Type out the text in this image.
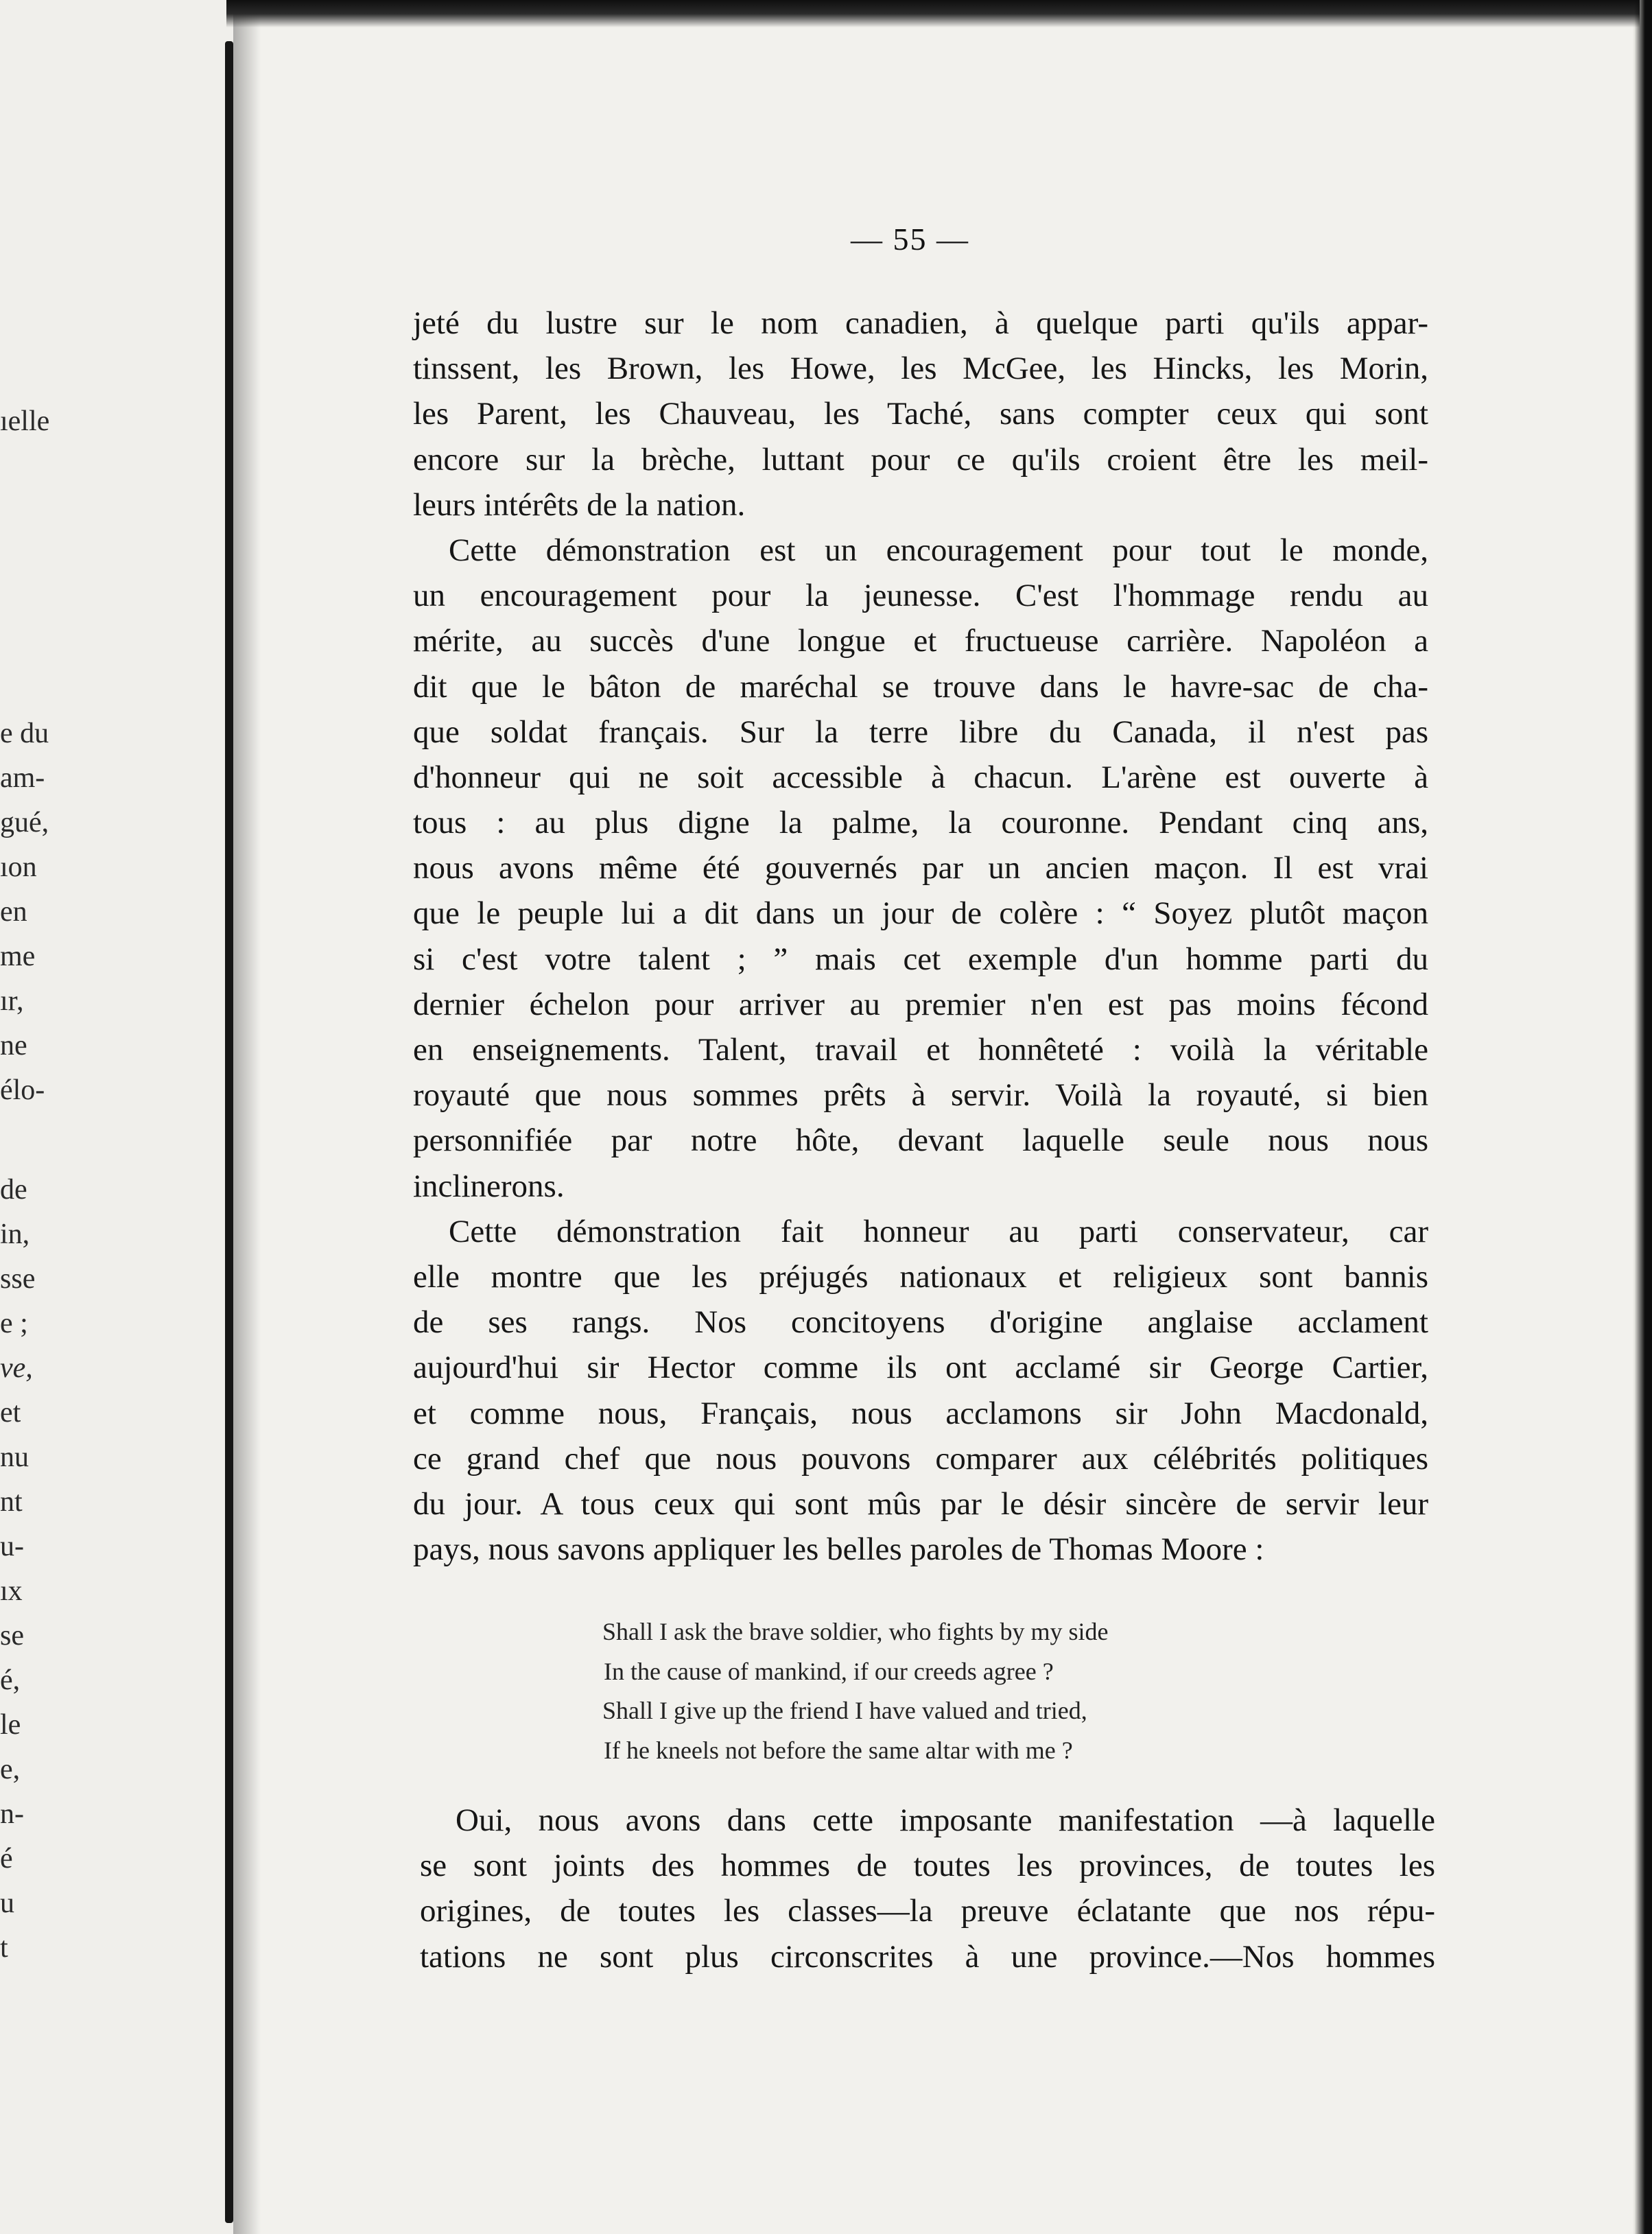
ıelle
e du
am-
gué,
ıon
en
me
ır,
ne
élo-
de
in,
sse
e ;
ve,
et
nu
nt
u-
ıx
se
é,
le
e,
n-
é
u
t
— 55 —
jeté du lustre sur le nom canadien, à quelque parti qu'ils appar-
tinssent, les Brown, les Howe, les McGee, les Hincks, les Morin,
les Parent, les Chauveau, les Taché, sans compter ceux qui sont
encore sur la brèche, luttant pour ce qu'ils croient être les meil-
leurs intérêts de la nation.
Cette démonstration est un encouragement pour tout le monde,
un encouragement pour la jeunesse. C'est l'hommage rendu au
mérite, au succès d'une longue et fructueuse carrière. Napoléon a
dit que le bâton de maréchal se trouve dans le havre-sac de cha-
que soldat français. Sur la terre libre du Canada, il n'est pas
d'honneur qui ne soit accessible à chacun. L'arène est ouverte à
tous : au plus digne la palme, la couronne. Pendant cinq ans,
nous avons même été gouvernés par un ancien maçon. Il est vrai
que le peuple lui a dit dans un jour de colère : “ Soyez plutôt maçon
si c'est votre talent ; ” mais cet exemple d'un homme parti du
dernier échelon pour arriver au premier n'en est pas moins fécond
en enseignements. Talent, travail et honnêteté : voilà la véritable
royauté que nous sommes prêts à servir. Voilà la royauté, si bien
personnifiée par notre hôte, devant laquelle seule nous nous
inclinerons.
Cette démonstration fait honneur au parti conservateur, car
elle montre que les préjugés nationaux et religieux sont bannis
de ses rangs. Nos concitoyens d'origine anglaise acclament
aujourd'hui sir Hector comme ils ont acclamé sir George Cartier,
et comme nous, Français, nous acclamons sir John Macdonald,
ce grand chef que nous pouvons comparer aux célébrités politiques
du jour. A tous ceux qui sont mûs par le désir sincère de servir leur
pays, nous savons appliquer les belles paroles de Thomas Moore :
Shall I ask the brave soldier, who fights by my side
In the cause of mankind, if our creeds agree ?
Shall I give up the friend I have valued and tried,
If he kneels not before the same altar with me ?
Oui, nous avons dans cette imposante manifestation —à laquelle
se sont joints des hommes de toutes les provinces, de toutes les
origines, de toutes les classes—la preuve éclatante que nos répu-
tations ne sont plus circonscrites à une province.—Nos hommes
